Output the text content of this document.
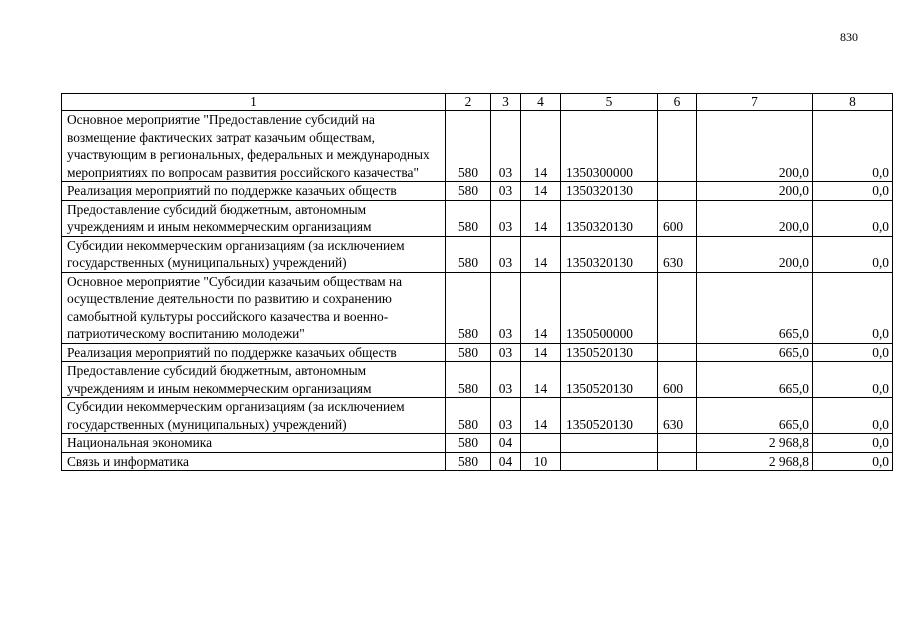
830
1	2	3	4	5	6	7	8
Основное мероприятие "Предоставление субсидий на возмещение фактических затрат казачьим обществам, участвующим в региональных, федеральных и международных мероприятиях по вопросам развития российского казачества"	580	03	14	1350300000		200,0	0,0
Реализация мероприятий по поддержке казачьих обществ	580	03	14	1350320130		200,0	0,0
Предоставление субсидий бюджетным, автономным учреждениям и иным некоммерческим организациям	580	03	14	1350320130	600	200,0	0,0
Субсидии некоммерческим организациям (за исключением государственных (муниципальных) учреждений)	580	03	14	1350320130	630	200,0	0,0
Основное мероприятие "Субсидии казачьим обществам на осуществление деятельности по развитию и сохранению самобытной культуры российского казачества и военно-патриотическому воспитанию молодежи"	580	03	14	1350500000		665,0	0,0
Реализация мероприятий по поддержке казачьих обществ	580	03	14	1350520130		665,0	0,0
Предоставление субсидий бюджетным, автономным учреждениям и иным некоммерческим организациям	580	03	14	1350520130	600	665,0	0,0
Субсидии некоммерческим организациям (за исключением государственных (муниципальных) учреждений)	580	03	14	1350520130	630	665,0	0,0
Национальная экономика	580	04				2 968,8	0,0
Связь и информатика	580	04	10			2 968,8	0,0
